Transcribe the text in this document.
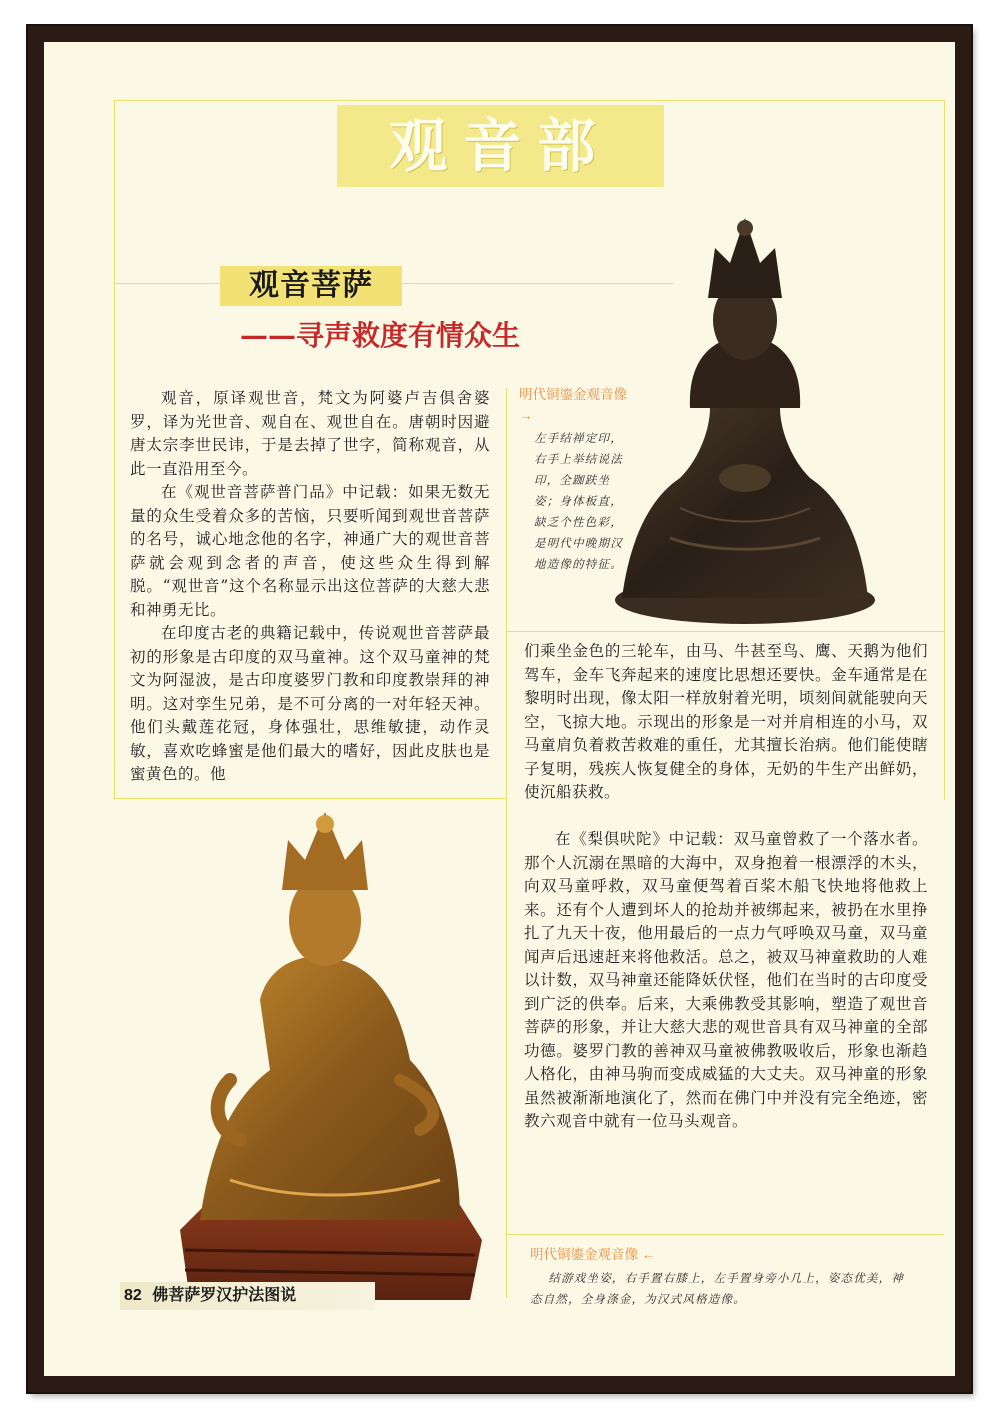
观音部
观音菩萨
——寻声救度有情众生

观音，原译观世音，梵文为阿婆卢吉倶舍婆罗，译为光世音、观自在、观世自在。唐朝时因避唐太宗李世民讳，于是去掉了世字，简称观音，从此一直沿用至今。

在《观世音菩萨普门品》中记载：如果无数无量的众生受着众多的苦恼，只要听闻到观世音菩萨的名号，诚心地念他的名字，神通广大的观世音菩萨就会观到念者的声音，使这些众生得到解脱。“观世音”这个名称显示出这位菩萨的大慈大悲和神勇无比。

在印度古老的典籍记载中，传说观世音菩萨最初的形象是古印度的双马童神。这个双马童神的梵文为阿湿波，是古印度婆罗门教和印度教崇拜的神明。这对孪生兄弟，是不可分离的一对年轻天神。他们头戴莲花冠，身体强壮，思维敏捷，动作灵敏，喜欢吃蜂蜜是他们最大的嗜好，因此皮肤也是蜜黄色的。他

明代铜鎏金观音像 →
左手结禅定印，右手上举结说法印，全跏趺坐姿；身体板直，缺乏个性色彩，是明代中晚期汉地造像的特征。

们乘坐金色的三轮车，由马、牛甚至鸟、鹰、天鹅为他们驾车，金车飞奔起来的速度比思想还要快。金车通常是在黎明时出现，像太阳一样放射着光明，顷刻间就能驶向天空，飞掠大地。示现出的形象是一对并肩相连的小马，双马童肩负着救苦救难的重任，尤其擅长治病。他们能使瞎子复明，残疾人恢复健全的身体，无奶的牛生产出鲜奶，使沉船获救。

在《梨倶吠陀》中记载：双马童曾救了一个落水者。那个人沉溺在黑暗的大海中，双身抱着一根漂浮的木头，向双马童呼救，双马童便驾着百桨木船飞快地将他救上来。还有个人遭到坏人的抢劫并被绑起来，被扔在水里挣扎了九天十夜，他用最后的一点力气呼唤双马童，双马童闻声后迅速赶来将他救活。总之，被双马神童救助的人难以计数，双马神童还能降妖伏怪，他们在当时的古印度受到广泛的供奉。后来，大乘佛教受其影响，塑造了观世音菩萨的形象，并让大慈大悲的观世音具有双马神童的全部功德。婆罗门教的善神双马童被佛教吸收后，形象也渐趋人格化，由神马驹而变成威猛的大丈夫。双马神童的形象虽然被渐渐地演化了，然而在佛门中并没有完全绝迹，密教六观音中就有一位马头观音。

明代铜鎏金观音像 ←
结游戏坐姿，右手置右膝上，左手置身旁小几上，姿态优美，神态自然，全身涤金，为汉式风格造像。
82 佛菩萨罗汉护法图说
